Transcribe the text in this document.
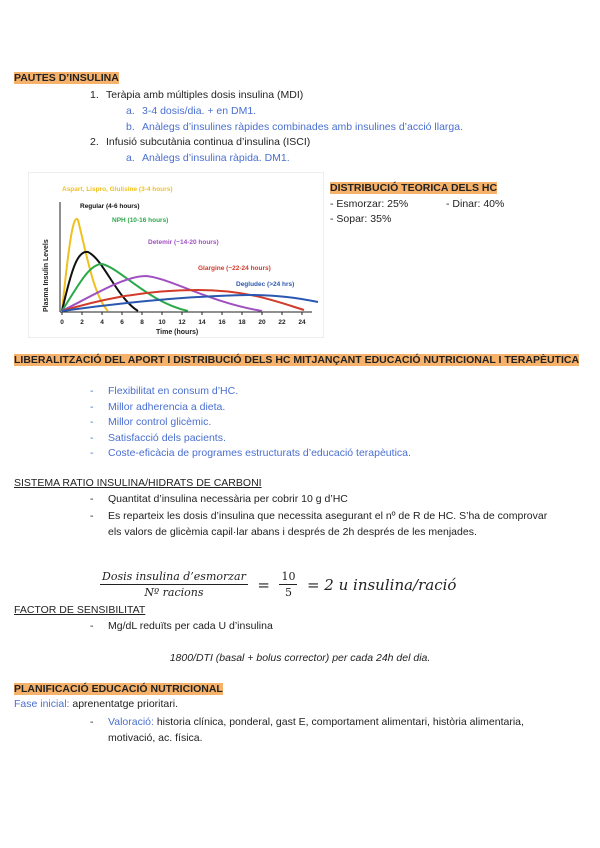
PAUTES D’INSULINA
1. Teràpia amb múltiples dosis insulina (MDI)
a. 3-4 dosis/dia. + en DM1.
b. Anàlegs d’insulines ràpides combinades amb insulines d’acció llarga.
2. Infusió subcutània continua d’insulina (ISCI)
a. Anàlegs d’insulina ràpida. DM1.
Plasma Insulin Levels
Time (hours)
0	2	4	6	8 10 12 14 16 18 20 22 24
Aspart, Lispro, Glulisine (3-4 hours)
Regular (4-6 hours)
NPH (10-16 hours)
Detemir (~14-20 hours)
Glargine (~22-24 hours)
Degludec (>24 hrs)
DISTRIBUCIÓ TEORICA DELS HC
- Esmorzar: 25%	- Dinar: 40%
- Sopar: 35%
LIBERALITZACIÓ DEL APORT I DISTRIBUCIÓ DELS HC MITJANÇANT EDUCACIÓ NUTRICIONAL I TERAPÈUTICA
- Flexibilitat en consum d’HC.
- Millor adherencia a dieta.
- Millor control glicèmic.
- Satisfacció dels pacients.
- Coste-eficàcia de programes estructurats d’educació terapèutica.
SISTEMA RATIO INSULINA/HIDRATS DE CARBONI
- Quantitat d’insulina necessària per cobrir 10 g d’HC
-	Es reparteix les dosis d’insulina que necessita asegurant el nº de R de HC. S’ha de comprovar els valors de glicèmia capil·lar abans i després de 2h després de les menjades.
$\frac{\text{Dosis insulina d’esmorzar}}{\text{Nº racions}} = \frac{10}{5} = 2$ u insulina/ració
FACTOR DE SENSIBILITAT
- Mg/dL reduïts per cada U d’insulina
1800/DTI (basal + bolus corrector) per cada 24h del dia.
PLANIFICACIÓ EDUCACIÓ NUTRICIONAL
Fase inicial: aprenentatge prioritari.
-	Valoració: historia clínica, ponderal, gast E, comportament alimentari, història alimentaria, motivació, ac. física.
